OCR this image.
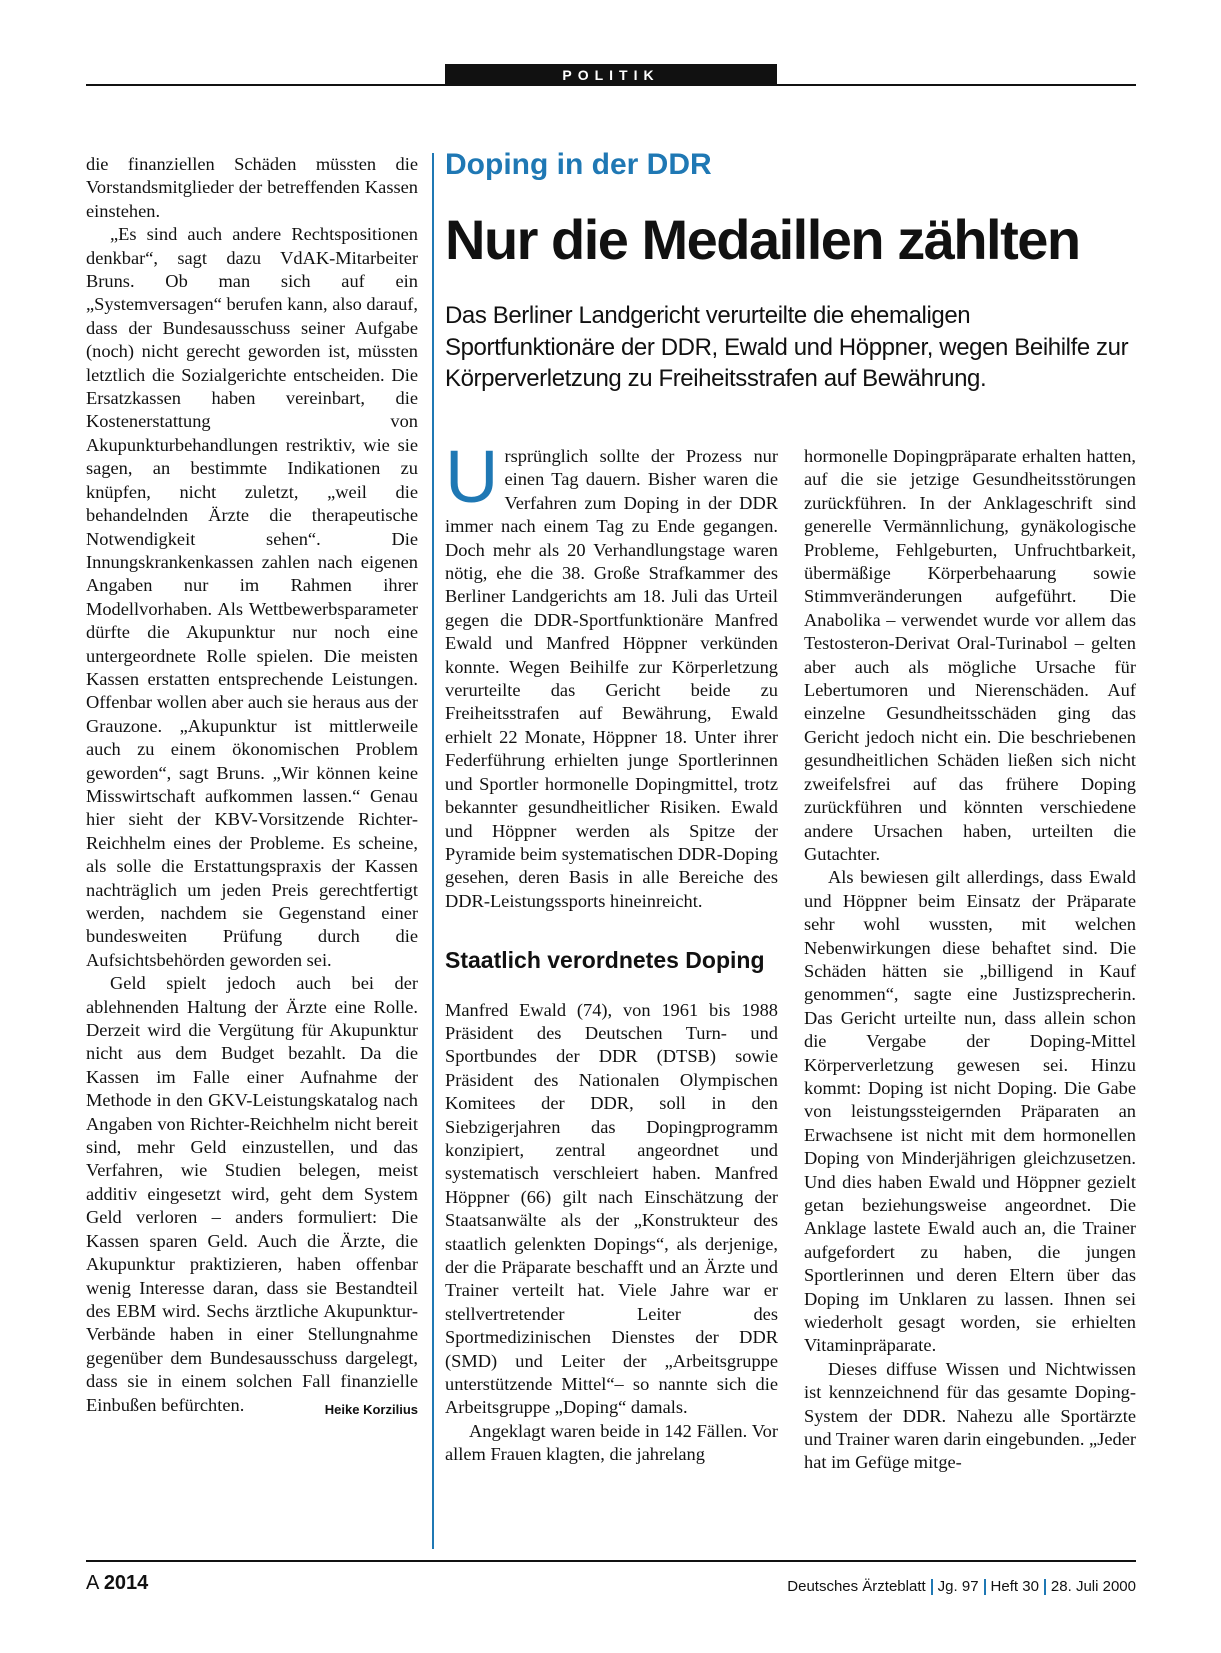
POLITIK

die finanziellen Schäden müssten die Vorstandsmitglieder der betreffenden Kassen einstehen.

„Es sind auch andere Rechtspositionen denkbar“, sagt dazu VdAK-Mitarbeiter Bruns. Ob man sich auf ein „Systemversagen“ berufen kann, also darauf, dass der Bundesausschuss seiner Aufgabe (noch) nicht gerecht geworden ist, müssten letztlich die Sozialgerichte entscheiden. Die Ersatzkassen haben vereinbart, die Kostenerstattung von Akupunkturbehandlungen restriktiv, wie sie sagen, an bestimmte Indikationen zu knüpfen, nicht zuletzt, „weil die behandelnden Ärzte die therapeutische Notwendigkeit sehen“. Die Innungskrankenkassen zahlen nach eigenen Angaben nur im Rahmen ihrer Modellvorhaben. Als Wettbewerbsparameter dürfte die Akupunktur nur noch eine untergeordnete Rolle spielen. Die meisten Kassen erstatten entsprechende Leistungen. Offenbar wollen aber auch sie heraus aus der Grauzone. „Akupunktur ist mittlerweile auch zu einem ökonomischen Problem geworden“, sagt Bruns. „Wir können keine Misswirtschaft aufkommen lassen.“ Genau hier sieht der KBV-Vorsitzende Richter-Reichhelm eines der Probleme. Es scheine, als solle die Erstattungspraxis der Kassen nachträglich um jeden Preis gerechtfertigt werden, nachdem sie Gegenstand einer bundesweiten Prüfung durch die Aufsichtsbehörden geworden sei.

Geld spielt jedoch auch bei der ablehnenden Haltung der Ärzte eine Rolle. Derzeit wird die Vergütung für Akupunktur nicht aus dem Budget bezahlt. Da die Kassen im Falle einer Aufnahme der Methode in den GKV-Leistungskatalog nach Angaben von Richter-Reichhelm nicht bereit sind, mehr Geld einzustellen, und das Verfahren, wie Studien belegen, meist additiv eingesetzt wird, geht dem System Geld verloren – anders formuliert: Die Kassen sparen Geld. Auch die Ärzte, die Akupunktur praktizieren, haben offenbar wenig Interesse daran, dass sie Bestandteil des EBM wird. Sechs ärztliche Akupunktur-Verbände haben in einer Stellungnahme gegenüber dem Bundesausschuss dargelegt, dass sie in einem solchen Fall finanzielle Einbußen befürchten.	Heike Korzilius

Doping in der DDR
Nur die Medaillen zählten
Das Berliner Landgericht verurteilte die ehemaligen Sportfunktionäre der DDR, Ewald und Höppner, wegen Beihilfe zur Körperverletzung zu Freiheitsstrafen auf Bewährung.

Ursprünglich sollte der Prozess nur einen Tag dauern. Bisher waren die Verfahren zum Doping in der DDR immer nach einem Tag zu Ende gegangen. Doch mehr als 20 Verhandlungstage waren nötig, ehe die 38. Große Strafkammer des Berliner Landgerichts am 18. Juli das Urteil gegen die DDR-Sportfunktionäre Manfred Ewald und Manfred Höppner verkünden konnte. Wegen Beihilfe zur Körperletzung verurteilte das Gericht beide zu Freiheitsstrafen auf Bewährung, Ewald erhielt 22 Monate, Höppner 18. Unter ihrer Federführung erhielten junge Sportlerinnen und Sportler hormonelle Dopingmittel, trotz bekannter gesundheitlicher Risiken. Ewald und Höppner werden als Spitze der Pyramide beim systematischen DDR-Doping gesehen, deren Basis in alle Bereiche des DDR-Leistungssports hineinreicht.

Staatlich verordnetes Doping

Manfred Ewald (74), von 1961 bis 1988 Präsident des Deutschen Turn- und Sportbundes der DDR (DTSB) sowie Präsident des Nationalen Olympischen Komitees der DDR, soll in den Siebzigerjahren das Dopingprogramm konzipiert, zentral angeordnet und systematisch verschleiert haben. Manfred Höppner (66) gilt nach Einschätzung der Staatsanwälte als der „Konstrukteur des staatlich gelenkten Dopings“, als derjenige, der die Präparate beschafft und an Ärzte und Trainer verteilt hat. Viele Jahre war er stellvertretender Leiter des Sportmedizinischen Dienstes der DDR (SMD) und Leiter der „Arbeitsgruppe unterstützende Mittel“– so nannte sich die Arbeitsgruppe „Doping“ damals.

Angeklagt waren beide in 142 Fällen. Vor allem Frauen klagten, die jahrelang

hormonelle Dopingpräparate erhalten hatten, auf die sie jetzige Gesundheitsstörungen zurückführen. In der Anklageschrift sind generelle Vermännlichung, gynäkologische Probleme, Fehlgeburten, Unfruchtbarkeit, übermäßige Körperbehaarung sowie Stimmveränderungen aufgeführt. Die Anabolika – verwendet wurde vor allem das Testosteron-Derivat Oral-Turinabol – gelten aber auch als mögliche Ursache für Lebertumoren und Nierenschäden. Auf einzelne Gesundheitsschäden ging das Gericht jedoch nicht ein. Die beschriebenen gesundheitlichen Schäden ließen sich nicht zweifelsfrei auf das frühere Doping zurückführen und könnten verschiedene andere Ursachen haben, urteilten die Gutachter.

Als bewiesen gilt allerdings, dass Ewald und Höppner beim Einsatz der Präparate sehr wohl wussten, mit welchen Nebenwirkungen diese behaftet sind. Die Schäden hätten sie „billigend in Kauf genommen“, sagte eine Justizsprecherin. Das Gericht urteilte nun, dass allein schon die Vergabe der Doping-Mittel Körperverletzung gewesen sei. Hinzu kommt: Doping ist nicht Doping. Die Gabe von leistungssteigernden Präparaten an Erwachsene ist nicht mit dem hormonellen Doping von Minderjährigen gleichzusetzen. Und dies haben Ewald und Höppner gezielt getan beziehungsweise angeordnet. Die Anklage lastete Ewald auch an, die Trainer aufgefordert zu haben, die jungen Sportlerinnen und deren Eltern über das Doping im Unklaren zu lassen. Ihnen sei wiederholt gesagt worden, sie erhielten Vitaminpräparate.

Dieses diffuse Wissen und Nichtwissen ist kennzeichnend für das gesamte Doping-System der DDR. Nahezu alle Sportärzte und Trainer waren darin eingebunden. „Jeder hat im Gefüge mitge-

A 2014	Deutsches Ärzteblatt Jg. 97 Heft 30 28. Juli 2000
